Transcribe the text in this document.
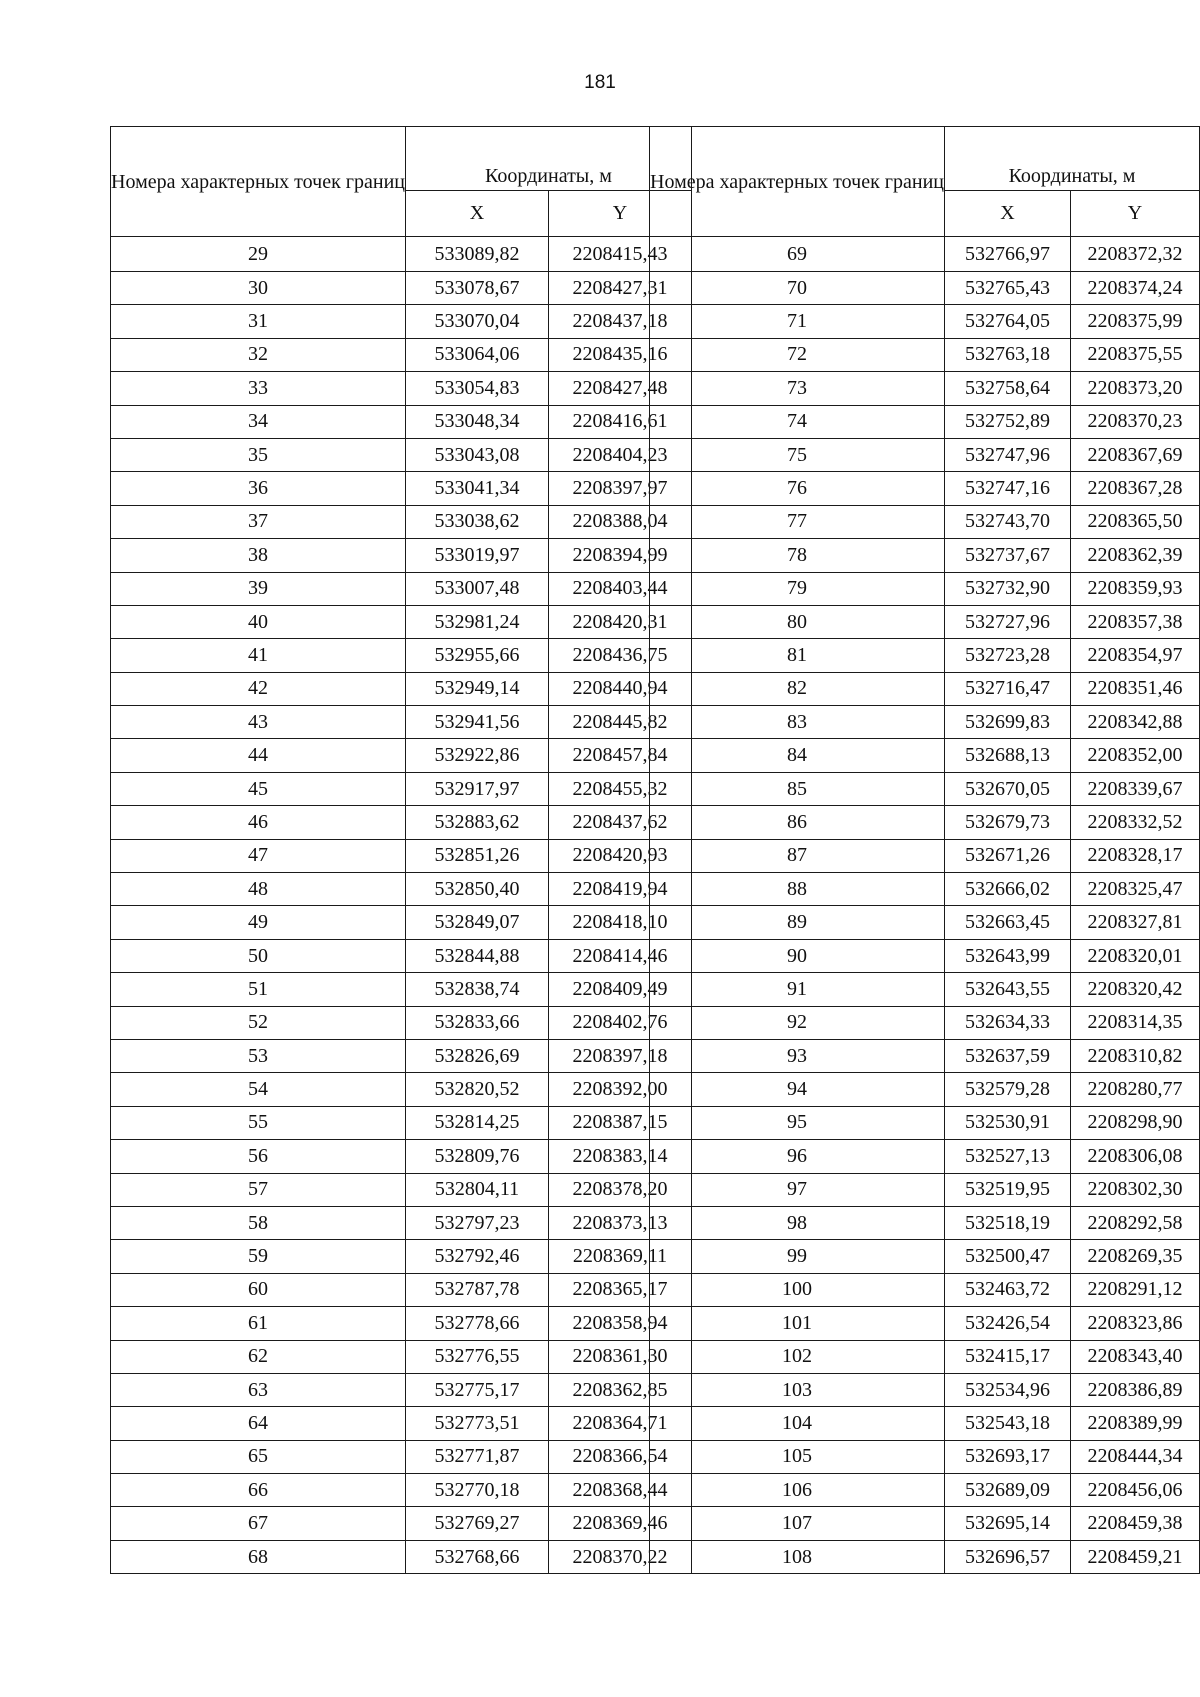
181
Номера характерных точек границ	Координаты, м	
	X	Y
29	533089,82	2208415,43
30	533078,67	2208427,31
31	533070,04	2208437,18
32	533064,06	2208435,16
33	533054,83	2208427,48
34	533048,34	2208416,61
35	533043,08	2208404,23
36	533041,34	2208397,97
37	533038,62	2208388,04
38	533019,97	2208394,99
39	533007,48	2208403,44
40	532981,24	2208420,31
41	532955,66	2208436,75
42	532949,14	2208440,94
43	532941,56	2208445,82
44	532922,86	2208457,84
45	532917,97	2208455,32
46	532883,62	2208437,62
47	532851,26	2208420,93
48	532850,40	2208419,94
49	532849,07	2208418,10
50	532844,88	2208414,46
51	532838,74	2208409,49
52	532833,66	2208402,76
53	532826,69	2208397,18
54	532820,52	2208392,00
55	532814,25	2208387,15
56	532809,76	2208383,14
57	532804,11	2208378,20
58	532797,23	2208373,13
59	532792,46	2208369,11
60	532787,78	2208365,17
61	532778,66	2208358,94
62	532776,55	2208361,30
63	532775,17	2208362,85
64	532773,51	2208364,71
65	532771,87	2208366,54
66	532770,18	2208368,44
67	532769,27	2208369,46
68	532768,66	2208370,22
Номера характерных точек границ	Координаты, м	
	X	Y
69	532766,97	2208372,32
70	532765,43	2208374,24
71	532764,05	2208375,99
72	532763,18	2208375,55
73	532758,64	2208373,20
74	532752,89	2208370,23
75	532747,96	2208367,69
76	532747,16	2208367,28
77	532743,70	2208365,50
78	532737,67	2208362,39
79	532732,90	2208359,93
80	532727,96	2208357,38
81	532723,28	2208354,97
82	532716,47	2208351,46
83	532699,83	2208342,88
84	532688,13	2208352,00
85	532670,05	2208339,67
86	532679,73	2208332,52
87	532671,26	2208328,17
88	532666,02	2208325,47
89	532663,45	2208327,81
90	532643,99	2208320,01
91	532643,55	2208320,42
92	532634,33	2208314,35
93	532637,59	2208310,82
94	532579,28	2208280,77
95	532530,91	2208298,90
96	532527,13	2208306,08
97	532519,95	2208302,30
98	532518,19	2208292,58
99	532500,47	2208269,35
100	532463,72	2208291,12
101	532426,54	2208323,86
102	532415,17	2208343,40
103	532534,96	2208386,89
104	532543,18	2208389,99
105	532693,17	2208444,34
106	532689,09	2208456,06
107	532695,14	2208459,38
108	532696,57	2208459,21
